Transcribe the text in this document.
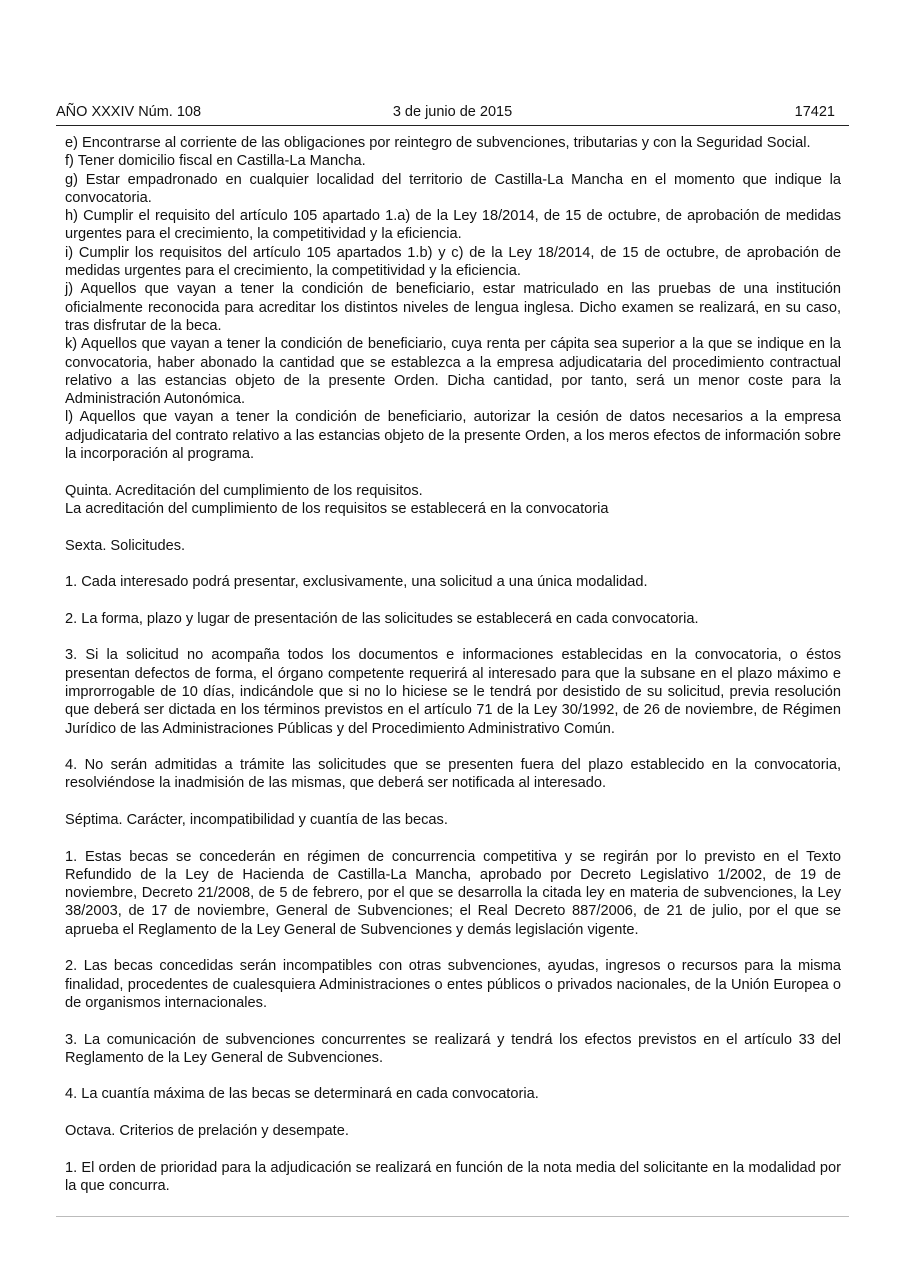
AÑO XXXIV Núm. 108	3 de junio de 2015	17421

e) Encontrarse al corriente de las obligaciones por reintegro de subvenciones, tributarias y con la Seguridad Social.

f) Tener domicilio fiscal en Castilla-La Mancha.

g) Estar empadronado en cualquier localidad del territorio de Castilla-La Mancha en el momento que indique la convocatoria.

h) Cumplir el requisito del artículo 105 apartado 1.a) de la Ley 18/2014, de 15 de octubre, de aprobación de medidas urgentes para el crecimiento, la competitividad y la eficiencia.

i) Cumplir los requisitos del artículo 105 apartados 1.b) y c) de la Ley 18/2014, de 15 de octubre, de aprobación de medidas urgentes para el crecimiento, la competitividad y la eficiencia.

j) Aquellos que vayan a tener la condición de beneficiario, estar matriculado en las pruebas de una institución oficialmente reconocida para acreditar los distintos niveles de lengua inglesa. Dicho examen se realizará, en su caso, tras disfrutar de la beca.

k) Aquellos que vayan a tener la condición de beneficiario, cuya renta per cápita sea superior a la que se indique en la convocatoria, haber abonado la cantidad que se establezca a la empresa adjudicataria del procedimiento contractual relativo a las estancias objeto de la presente Orden. Dicha cantidad, por tanto, será un menor coste para la Administración Autonómica.

l) Aquellos que vayan a tener la condición de beneficiario, autorizar la cesión de datos necesarios a la empresa adjudicataria del contrato relativo a las estancias objeto de la presente Orden, a los meros efectos de información sobre la incorporación al programa.

Quinta. Acreditación del cumplimiento de los requisitos.

La acreditación del cumplimiento de los requisitos se establecerá en la convocatoria

Sexta. Solicitudes.

1. Cada interesado podrá presentar, exclusivamente, una solicitud a una única modalidad.

2. La forma, plazo y lugar de presentación de las solicitudes se establecerá en cada convocatoria.

3. Si la solicitud no acompaña todos los documentos e informaciones establecidas en la convocatoria, o éstos presentan defectos de forma, el órgano competente requerirá al interesado para que la subsane en el plazo máximo e improrrogable de 10 días, indicándole que si no lo hiciese se le tendrá por desistido de su solicitud, previa resolución que deberá ser dictada en los términos previstos en el artículo 71 de la Ley 30/1992, de 26 de noviembre, de Régimen Jurídico de las Administraciones Públicas y del Procedimiento Administrativo Común.

4. No serán admitidas a trámite las solicitudes que se presenten fuera del plazo establecido en la convocatoria, resolviéndose la inadmisión de las mismas, que deberá ser notificada al interesado.

Séptima. Carácter, incompatibilidad y cuantía de las becas.

1. Estas becas se concederán en régimen de concurrencia competitiva y se regirán por lo previsto en el Texto Refundido de la Ley de Hacienda de Castilla-La Mancha, aprobado por Decreto Legislativo 1/2002, de 19 de noviembre, Decreto 21/2008, de 5 de febrero, por el que se desarrolla la citada ley en materia de subvenciones, la Ley 38/2003, de 17 de noviembre, General de Subvenciones; el Real Decreto 887/2006, de 21 de julio, por el que se aprueba el Reglamento de la Ley General de Subvenciones y demás legislación vigente.

2. Las becas concedidas serán incompatibles con otras subvenciones, ayudas, ingresos o recursos para la misma finalidad, procedentes de cualesquiera Administraciones o entes públicos o privados nacionales, de la Unión Europea o de organismos internacionales.

3. La comunicación de subvenciones concurrentes se realizará y tendrá los efectos previstos en el artículo 33 del Reglamento de la Ley General de Subvenciones.

4. La cuantía máxima de las becas se determinará en cada convocatoria.

Octava. Criterios de prelación y desempate.

1. El orden de prioridad para la adjudicación se realizará en función de la nota media del solicitante en la modalidad por la que concurra.
